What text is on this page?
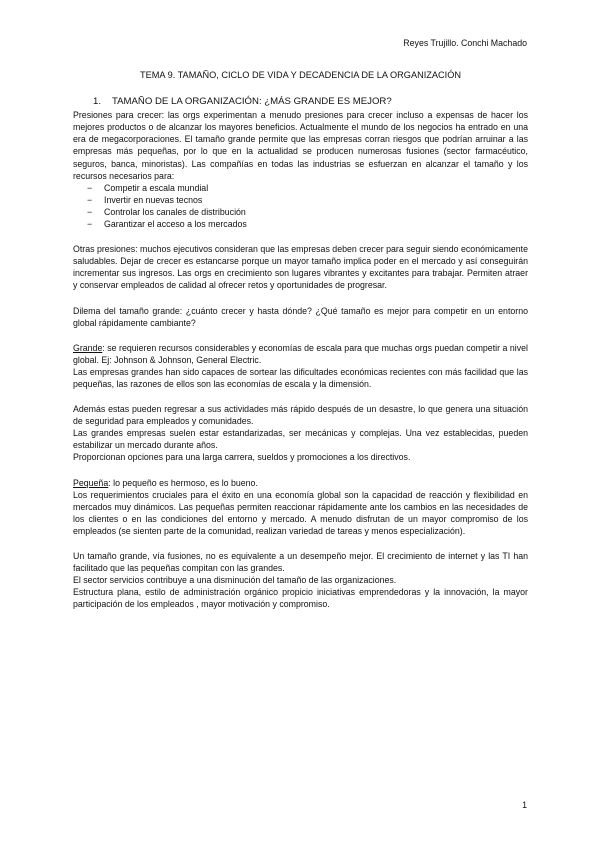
Reyes Trujillo. Conchi Machado
TEMA 9. TAMAÑO, CICLO DE VIDA Y DECADENCIA DE LA ORGANIZACIÓN
1. TAMAÑO DE LA ORGANIZACIÓN: ¿MÁS GRANDE ES MEJOR?

Presiones para crecer: las orgs experimentan a menudo presiones para crecer incluso a expensas de hacer los mejores productos o de alcanzar los mayores beneficios. Actualmente el mundo de los negocios ha entrado en una era de megacorporaciones. El tamaño grande permite que las empresas corran riesgos que podrían arruinar a las empresas más pequeñas, por lo que en la actualidad se producen numerosas fusiones (sector farmacéutico, seguros, banca, minoristas). Las compañías en todas las industrias se esfuerzan en alcanzar el tamaño y los recursos necesarios para:

− Competir a escala mundial
− Invertir en nuevas tecnos
− Controlar los canales de distribución
− Garantizar el acceso a los mercados

Otras presiones: muchos ejecutivos consideran que las empresas deben crecer para seguir siendo económicamente saludables. Dejar de crecer es estancarse porque un mayor tamaño implica poder en el mercado y así conseguirán incrementar sus ingresos. Las orgs en crecimiento son lugares vibrantes y excitantes para trabajar. Permiten atraer y conservar empleados de calidad al ofrecer retos y oportunidades de progresar.

Dilema del tamaño grande: ¿cuánto crecer y hasta dónde? ¿Qué tamaño es mejor para competir en un entorno global rápidamente cambiante?

Grande: se requieren recursos considerables y economías de escala para que muchas orgs puedan competir a nivel global. Ej: Johnson & Johnson, General Electric.

Las empresas grandes han sido capaces de sortear las dificultades económicas recientes con más facilidad que las pequeñas, las razones de ellos son las economías de escala y la dimensión.

Además estas pueden regresar a sus actividades más rápido después de un desastre, lo que genera una situación de seguridad para empleados y comunidades.

Las grandes empresas suelen estar estandarizadas, ser mecánicas y complejas. Una vez establecidas, pueden estabilizar un mercado durante años.

Proporcionan opciones para una larga carrera, sueldos y promociones a los directivos.

Pequeña: lo pequeño es hermoso, es lo bueno.

Los requerimientos cruciales para el éxito en una economía global son la capacidad de reacción y flexibilidad en mercados muy dinámicos. Las pequeñas permiten reaccionar rápidamente ante los cambios en las necesidades de los clientes o en las condiciones del entorno y mercado. A menudo disfrutan de un mayor compromiso de los empleados (se sienten parte de la comunidad, realizan variedad de tareas y menos especialización).

Un tamaño grande, vía fusiones, no es equivalente a un desempeño mejor. El crecimiento de internet y las TI han facilitado que las pequeñas compitan con las grandes.

El sector servicios contribuye a una disminución del tamaño de las organizaciones.

Estructura plana, estilo de administración orgánico propicio iniciativas emprendedoras y la innovación, la mayor participación de los empleados , mayor motivación y compromiso.

1
